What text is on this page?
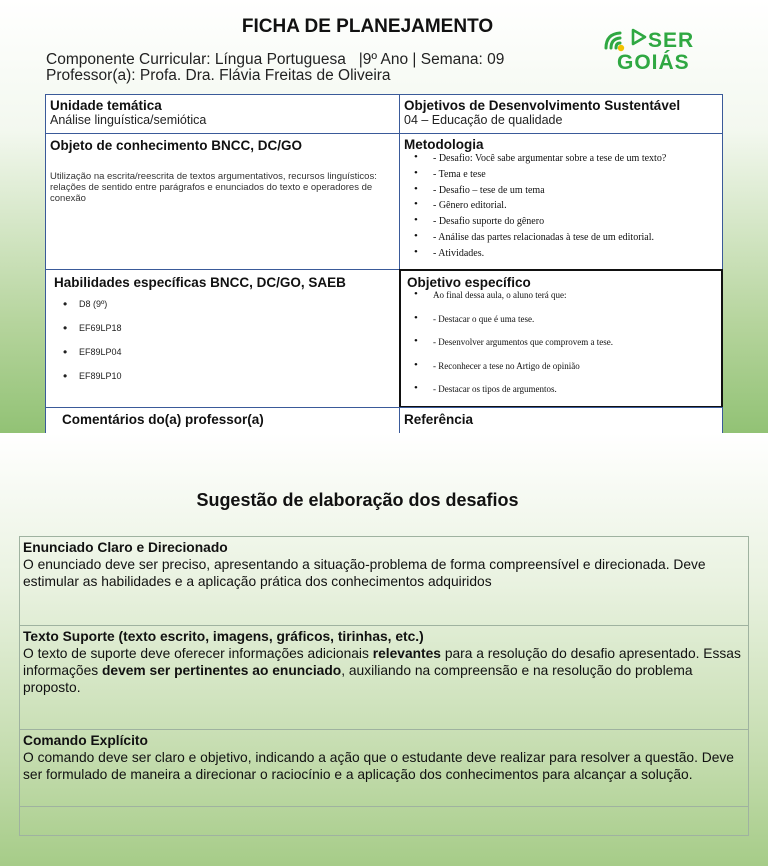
FICHA DE PLANEJAMENTO
Componente Curricular: Língua Portuguesa   |9º Ano | Semana: 09
Professor(a): Profa. Dra. Flávia Freitas de Oliveira
SER
GOIÁS
Unidade temática
Análise linguística/semiótica
Objetivos de Desenvolvimento Sustentável
04 – Educação de qualidade
Objeto de conhecimento BNCC, DC/GO
Utilização na escrita/reescrita de textos argumentativos, recursos linguísticos: relações de sentido entre parágrafos e enunciados do texto e operadores de conexão
Metodologia
• - Desafio: Você sabe argumentar sobre a tese de um texto?
• - Tema e tese
• - Desafio – tese de um tema
• - Gênero editorial.
• - Desafio suporte do gênero
• - Análise das partes relacionadas à tese de um editorial.
• - Atividades.
Habilidades específicas BNCC, DC/GO, SAEB
• D8 (9º)
• EF69LP18
• EF89LP04
• EF89LP10
Objetivo específico
• Ao final dessa aula, o aluno terá que:
• - Destacar o que é uma tese.
• - Desenvolver argumentos que comprovem a tese.
• - Reconhecer a tese no Artigo de opinião
• - Destacar os tipos de argumentos.
Comentários do(a) professor(a)	Referência
Sugestão de elaboração dos desafios
Enunciado Claro e Direcionado
O enunciado deve ser preciso, apresentando a situação-problema de forma compreensível e direcionada. Deve estimular as habilidades e a aplicação prática dos conhecimentos adquiridos
Texto Suporte (texto escrito, imagens, gráficos, tirinhas, etc.)
O texto de suporte deve oferecer informações adicionais relevantes para a resolução do desafio apresentado. Essas informações devem ser pertinentes ao enunciado, auxiliando na compreensão e na resolução do problema proposto.
Comando Explícito
O comando deve ser claro e objetivo, indicando a ação que o estudante deve realizar para resolver a questão. Deve ser formulado de maneira a direcionar o raciocínio e a aplicação dos conhecimentos para alcançar a solução.
